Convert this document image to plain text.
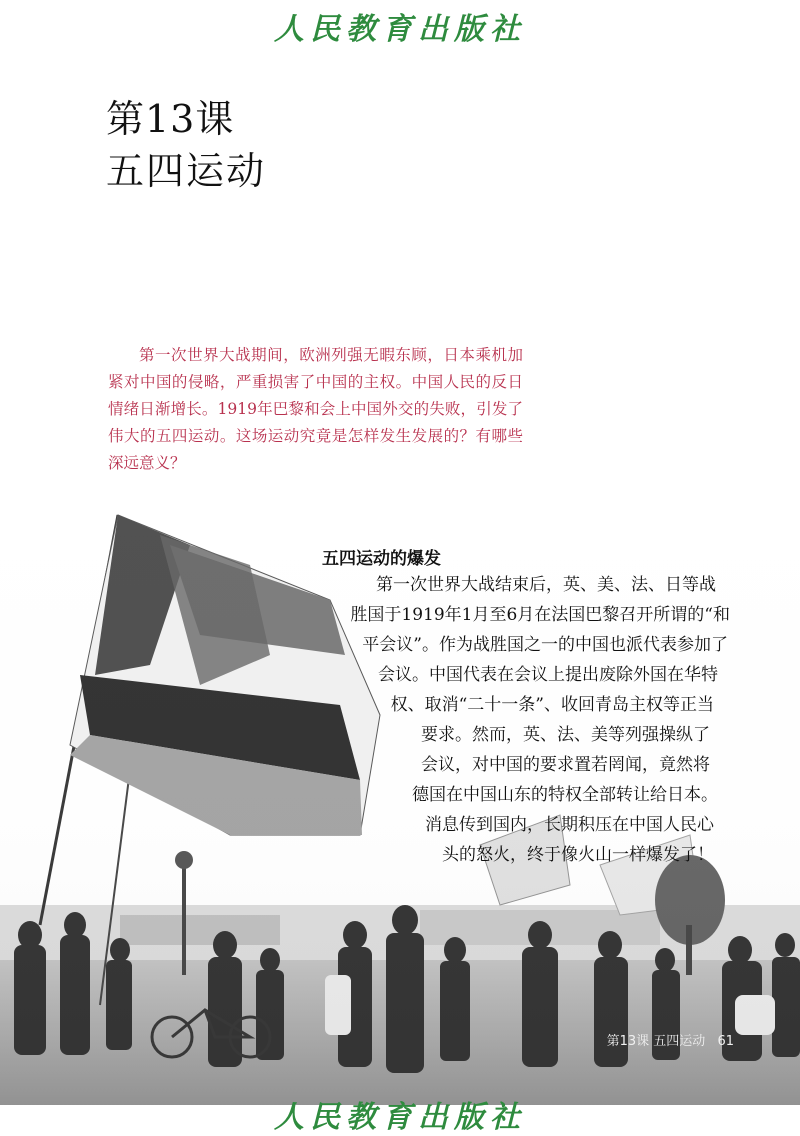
人民教育出版社
第13课
五四运动

第一次世界大战期间，欧洲列强无暇东顾，日本乘机加紧对中国的侵略，严重损害了中国的主权。中国人民的反日情绪日渐增长。1919年巴黎和会上中国外交的失败，引发了伟大的五四运动。这场运动究竟是怎样发生发展的？有哪些深远意义？

五四运动的爆发
第一次世界大战结束后，英、美、法、日等战
胜国于1919年1月至6月在法国巴黎召开所谓的“和
平会议”。作为战胜国之一的中国也派代表参加了
会议。中国代表在会议上提出废除外国在华特
权、取消“二十一条”、收回青岛主权等正当
要求。然而，英、法、美等列强操纵了
会议，对中国的要求置若罔闻，竟然将
德国在中国山东的特权全部转让给日本。
消息传到国内，长期积压在中国人民心
头的怒火，终于像火山一样爆发了！
第13课 五四运动 61
人民教育出版社
